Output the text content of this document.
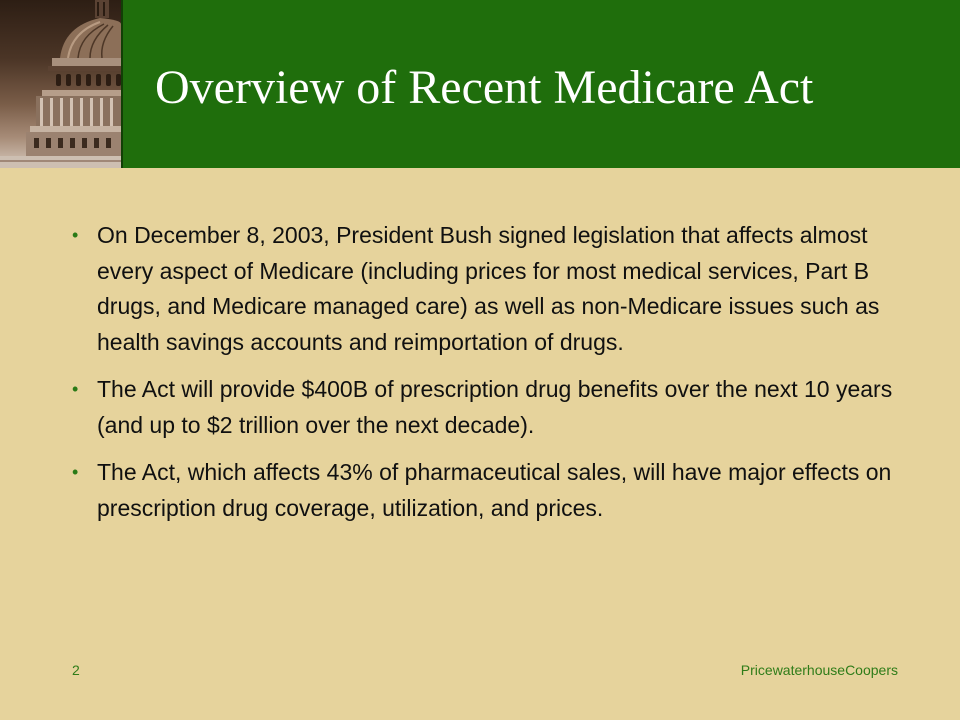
Overview of Recent Medicare Act
• On December 8, 2003, President Bush signed legislation that affects almost every aspect of Medicare (including prices for most medical services, Part B drugs, and Medicare managed care) as well as non-Medicare issues such as health savings accounts and reimportation of drugs.
• The Act will provide $400B of prescription drug benefits over the next 10 years (and up to $2 trillion over the next decade).
• The Act, which affects 43% of pharmaceutical sales, will have major effects on prescription drug coverage, utilization, and prices.
2	PricewaterhouseCoopers
